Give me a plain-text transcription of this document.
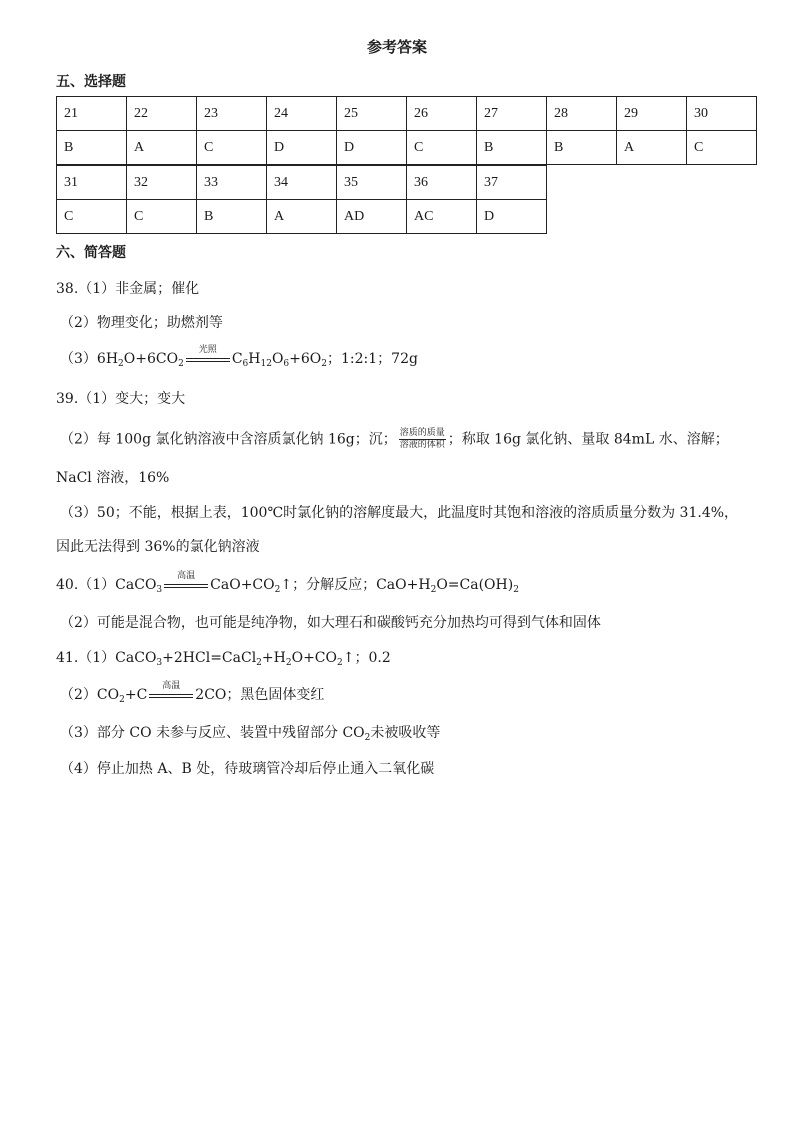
参考答案
五、选择题
21	22	23	24	25	26	27	28	29	30
B	A	C	D	D	C	B	B	A	C
31	32	33	34	35	36	37
C	C	B	A	AD	AC	D
六、简答题
38.（1）非金属；催化
（2）物理变化；助燃剂等
$(3)6H_2O+6CO_2$
光照
$C_6H_{12}O_6+6O_2$；1:2:1；72g
39.（1）变大；变大
（2）每 100g 氯化钠溶液中含溶质氯化钠 16g；沉； $\frac{\text{溶质的质量}}{\text{溶液的体积}}$ ；称取 16g 氯化钠、量取 84mL 水、溶解；
NaCl 溶液，16%
（3）50；不能，根据上表，100℃时氯化钠的溶解度最大，此温度时其饱和溶液的溶质质量分数为 31.4%，
因此无法得到 36%的氯化钠溶液
40.（1）CaCO$_3$
高温
$CaO+CO_2↑$；分解反应；$CaO+H_2O=Ca(OH)_2$
（2）可能是混合物，也可能是纯净物，如大理石和碳酸钙充分加热均可得到气体和固体
$41.(1)CaCO_3+2HCl=CaCl_2+H_2O+CO_2↑$；0.2
$(2)CO_2+C$
高温
2CO；黑色固体变红
（3）部分 CO 未参与反应、装置中残留部分 $CO_2$未被吸收等
（4）停止加热 A、B 处，待玻璃管冷却后停止通入二氧化碳
